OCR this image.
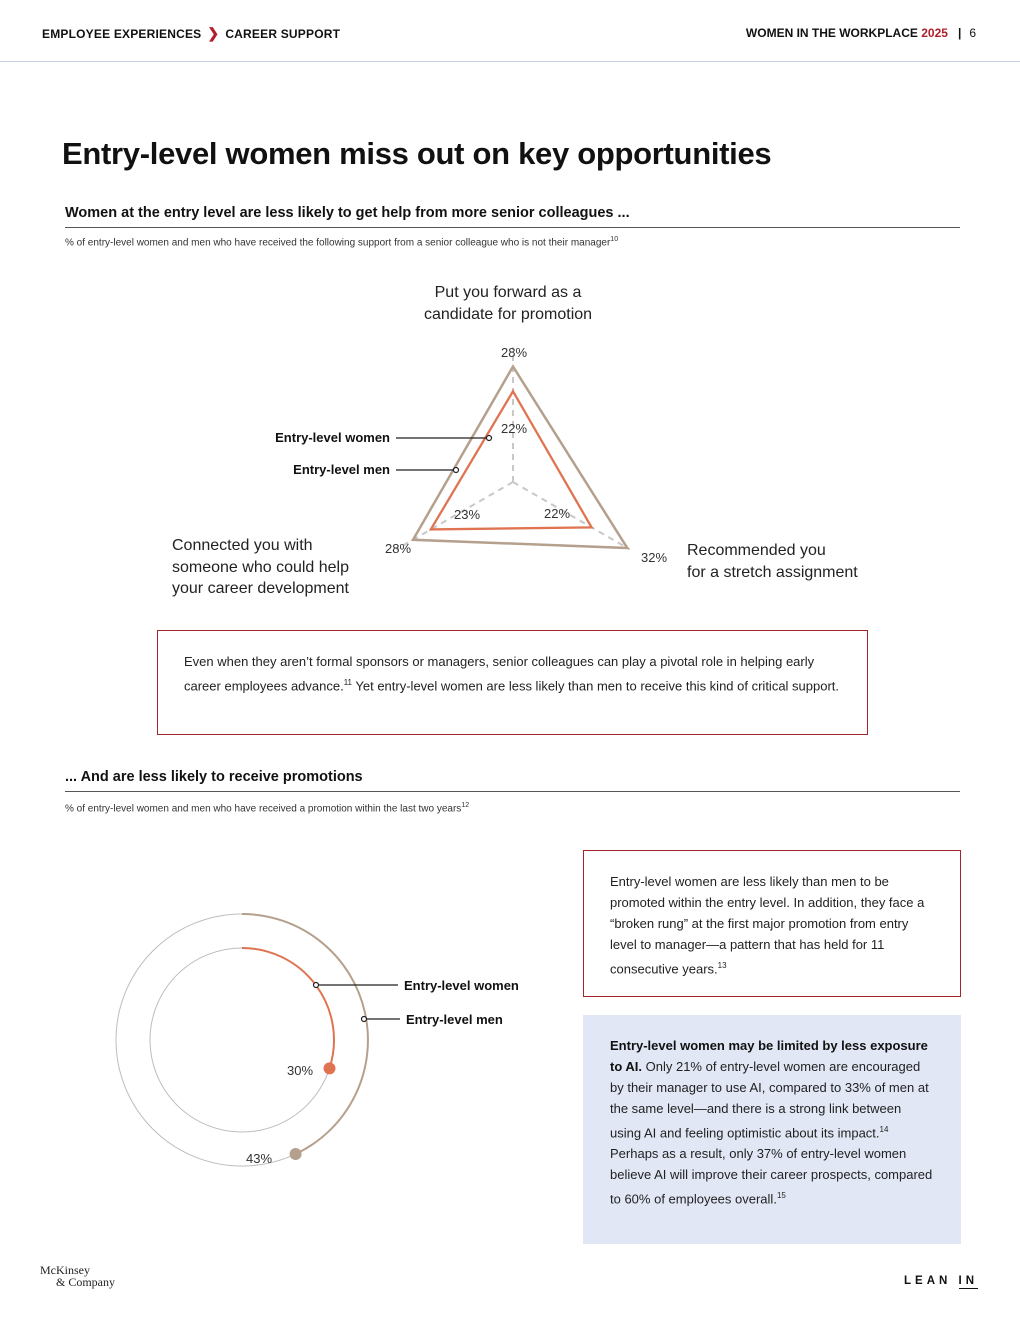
EMPLOYEE EXPERIENCES ❯ CAREER SUPPORT	WOMEN IN THE WORKPLACE 2025 | 6
Entry-level women miss out on key opportunities
Women at the entry level are less likely to get help from more senior colleagues ...
% of entry-level women and men who have received the following support from a senior colleague who is not their manager$^{10}$
Put you forward as a
candidate for promotion
Recommended you
for a stretch assignment
Connected you with
someone who could help
your career development
28%
22%
23%	22%
28%
32%
Entry-level women
Entry-level men
Even when they aren’t formal sponsors or managers, senior colleagues can play a pivotal role in helping early career employees advance.$^{11}$ Yet entry-level women are less likely than men to receive this kind of critical support.
... And are less likely to receive promotions
% of entry-level women and men who have received a promotion within the last two years$^{12}$
30%
43%
Entry-level women
Entry-level men
Entry-level women are less likely than men to be promoted within the entry level. In addition, they face a “broken rung” at the first major promotion from entry level to manager—a pattern that has held for 11 consecutive years.$^{13}$
Entry-level women may be limited by less exposure to AI. Only 21% of entry-level women are encouraged by their manager to use AI, compared to 33% of men at the same level—and there is a strong link between using AI and feeling optimistic about its impact.$^{14}$ Perhaps as a result, only 37% of entry-level women believe AI will improve their career prospects, compared to 60% of employees overall.$^{15}$
McKinsey
& Company	LEAN IN
